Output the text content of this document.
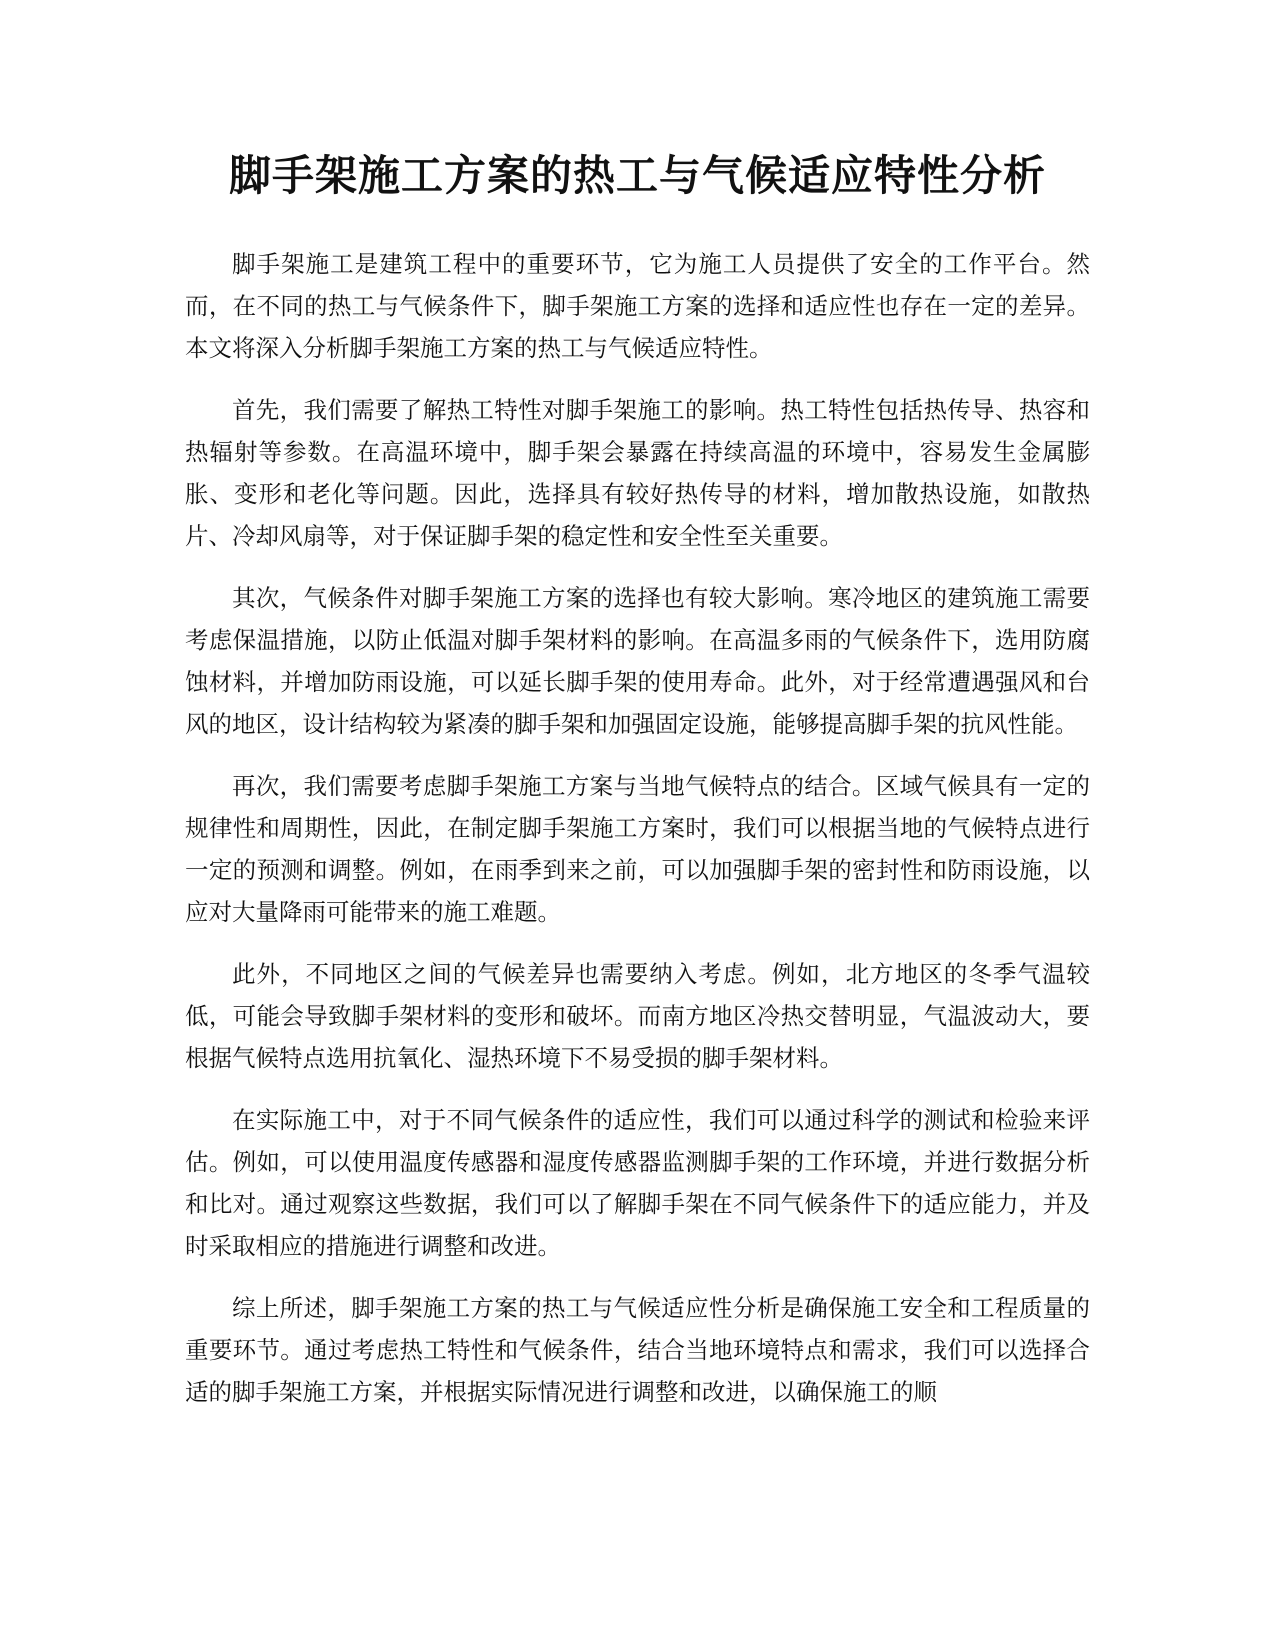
脚手架施工方案的热工与气候适应特性分析

脚手架施工是建筑工程中的重要环节，它为施工人员提供了安全的工作平台。然而，在不同的热工与气候条件下，脚手架施工方案的选择和适应性也存在一定的差异。本文将深入分析脚手架施工方案的热工与气候适应特性。

首先，我们需要了解热工特性对脚手架施工的影响。热工特性包括热传导、热容和热辐射等参数。在高温环境中，脚手架会暴露在持续高温的环境中，容易发生金属膨胀、变形和老化等问题。因此，选择具有较好热传导的材料，增加散热设施，如散热片、冷却风扇等，对于保证脚手架的稳定性和安全性至关重要。

其次，气候条件对脚手架施工方案的选择也有较大影响。寒冷地区的建筑施工需要考虑保温措施，以防止低温对脚手架材料的影响。在高温多雨的气候条件下，选用防腐蚀材料，并增加防雨设施，可以延长脚手架的使用寿命。此外，对于经常遭遇强风和台风的地区，设计结构较为紧凑的脚手架和加强固定设施，能够提高脚手架的抗风性能。

再次，我们需要考虑脚手架施工方案与当地气候特点的结合。区域气候具有一定的规律性和周期性，因此，在制定脚手架施工方案时，我们可以根据当地的气候特点进行一定的预测和调整。例如，在雨季到来之前，可以加强脚手架的密封性和防雨设施，以应对大量降雨可能带来的施工难题。

此外，不同地区之间的气候差异也需要纳入考虑。例如，北方地区的冬季气温较低，可能会导致脚手架材料的变形和破坏。而南方地区冷热交替明显，气温波动大，要根据气候特点选用抗氧化、湿热环境下不易受损的脚手架材料。

在实际施工中，对于不同气候条件的适应性，我们可以通过科学的测试和检验来评估。例如，可以使用温度传感器和湿度传感器监测脚手架的工作环境，并进行数据分析和比对。通过观察这些数据，我们可以了解脚手架在不同气候条件下的适应能力，并及时采取相应的措施进行调整和改进。

综上所述，脚手架施工方案的热工与气候适应性分析是确保施工安全和工程质量的重要环节。通过考虑热工特性和气候条件，结合当地环境特点和需求，我们可以选择合适的脚手架施工方案，并根据实际情况进行调整和改进，以确保施工的顺
